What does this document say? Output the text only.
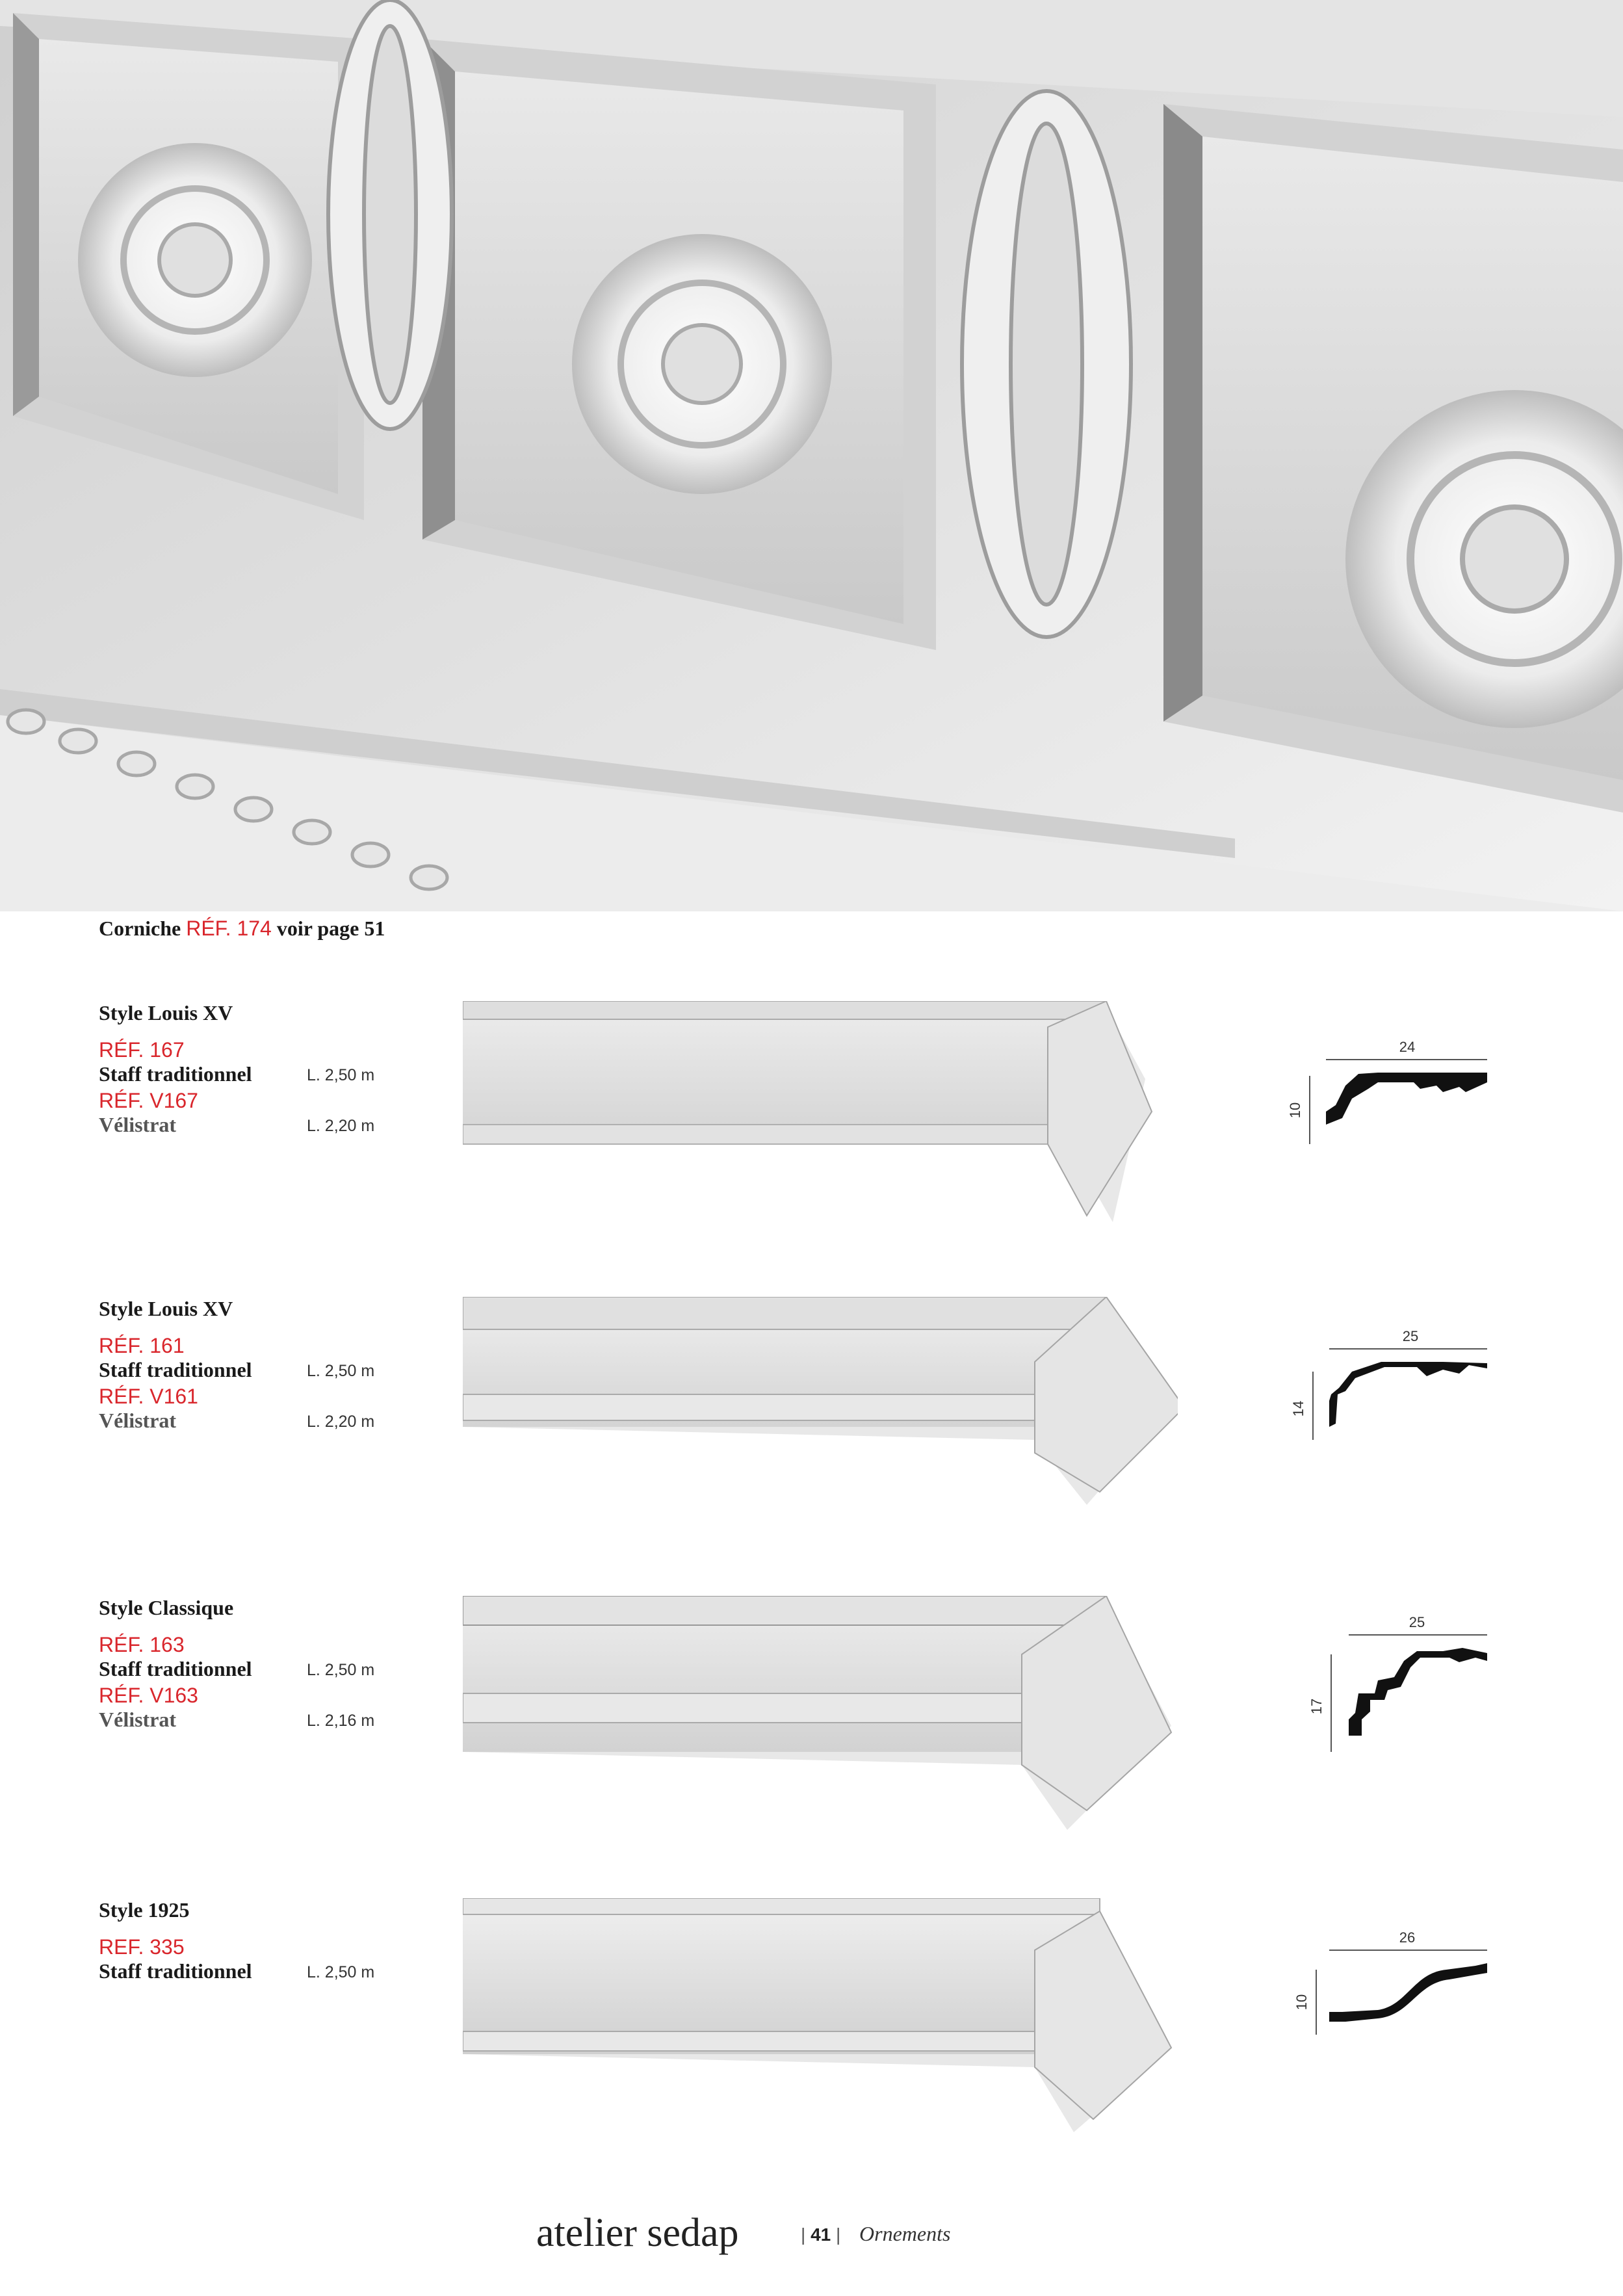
Corniche RÉF. 174 voir page 51
Style Louis XV
RÉF. 167
Staff traditionnel	L. 2,50 m
RÉF. V167
Vélistrat	L. 2,20 m
24
10
Style Louis XV
RÉF. 161
Staff traditionnel	L. 2,50 m
RÉF. V161
Vélistrat	L. 2,20 m
25
14
Style Classique
RÉF. 163
Staff traditionnel	L. 2,50 m
RÉF. V163
Vélistrat	L. 2,16 m
25
17
Style 1925
REF. 335
Staff traditionnel	L. 2,50 m
26
10
atelier sedap	| 41 | Ornements
